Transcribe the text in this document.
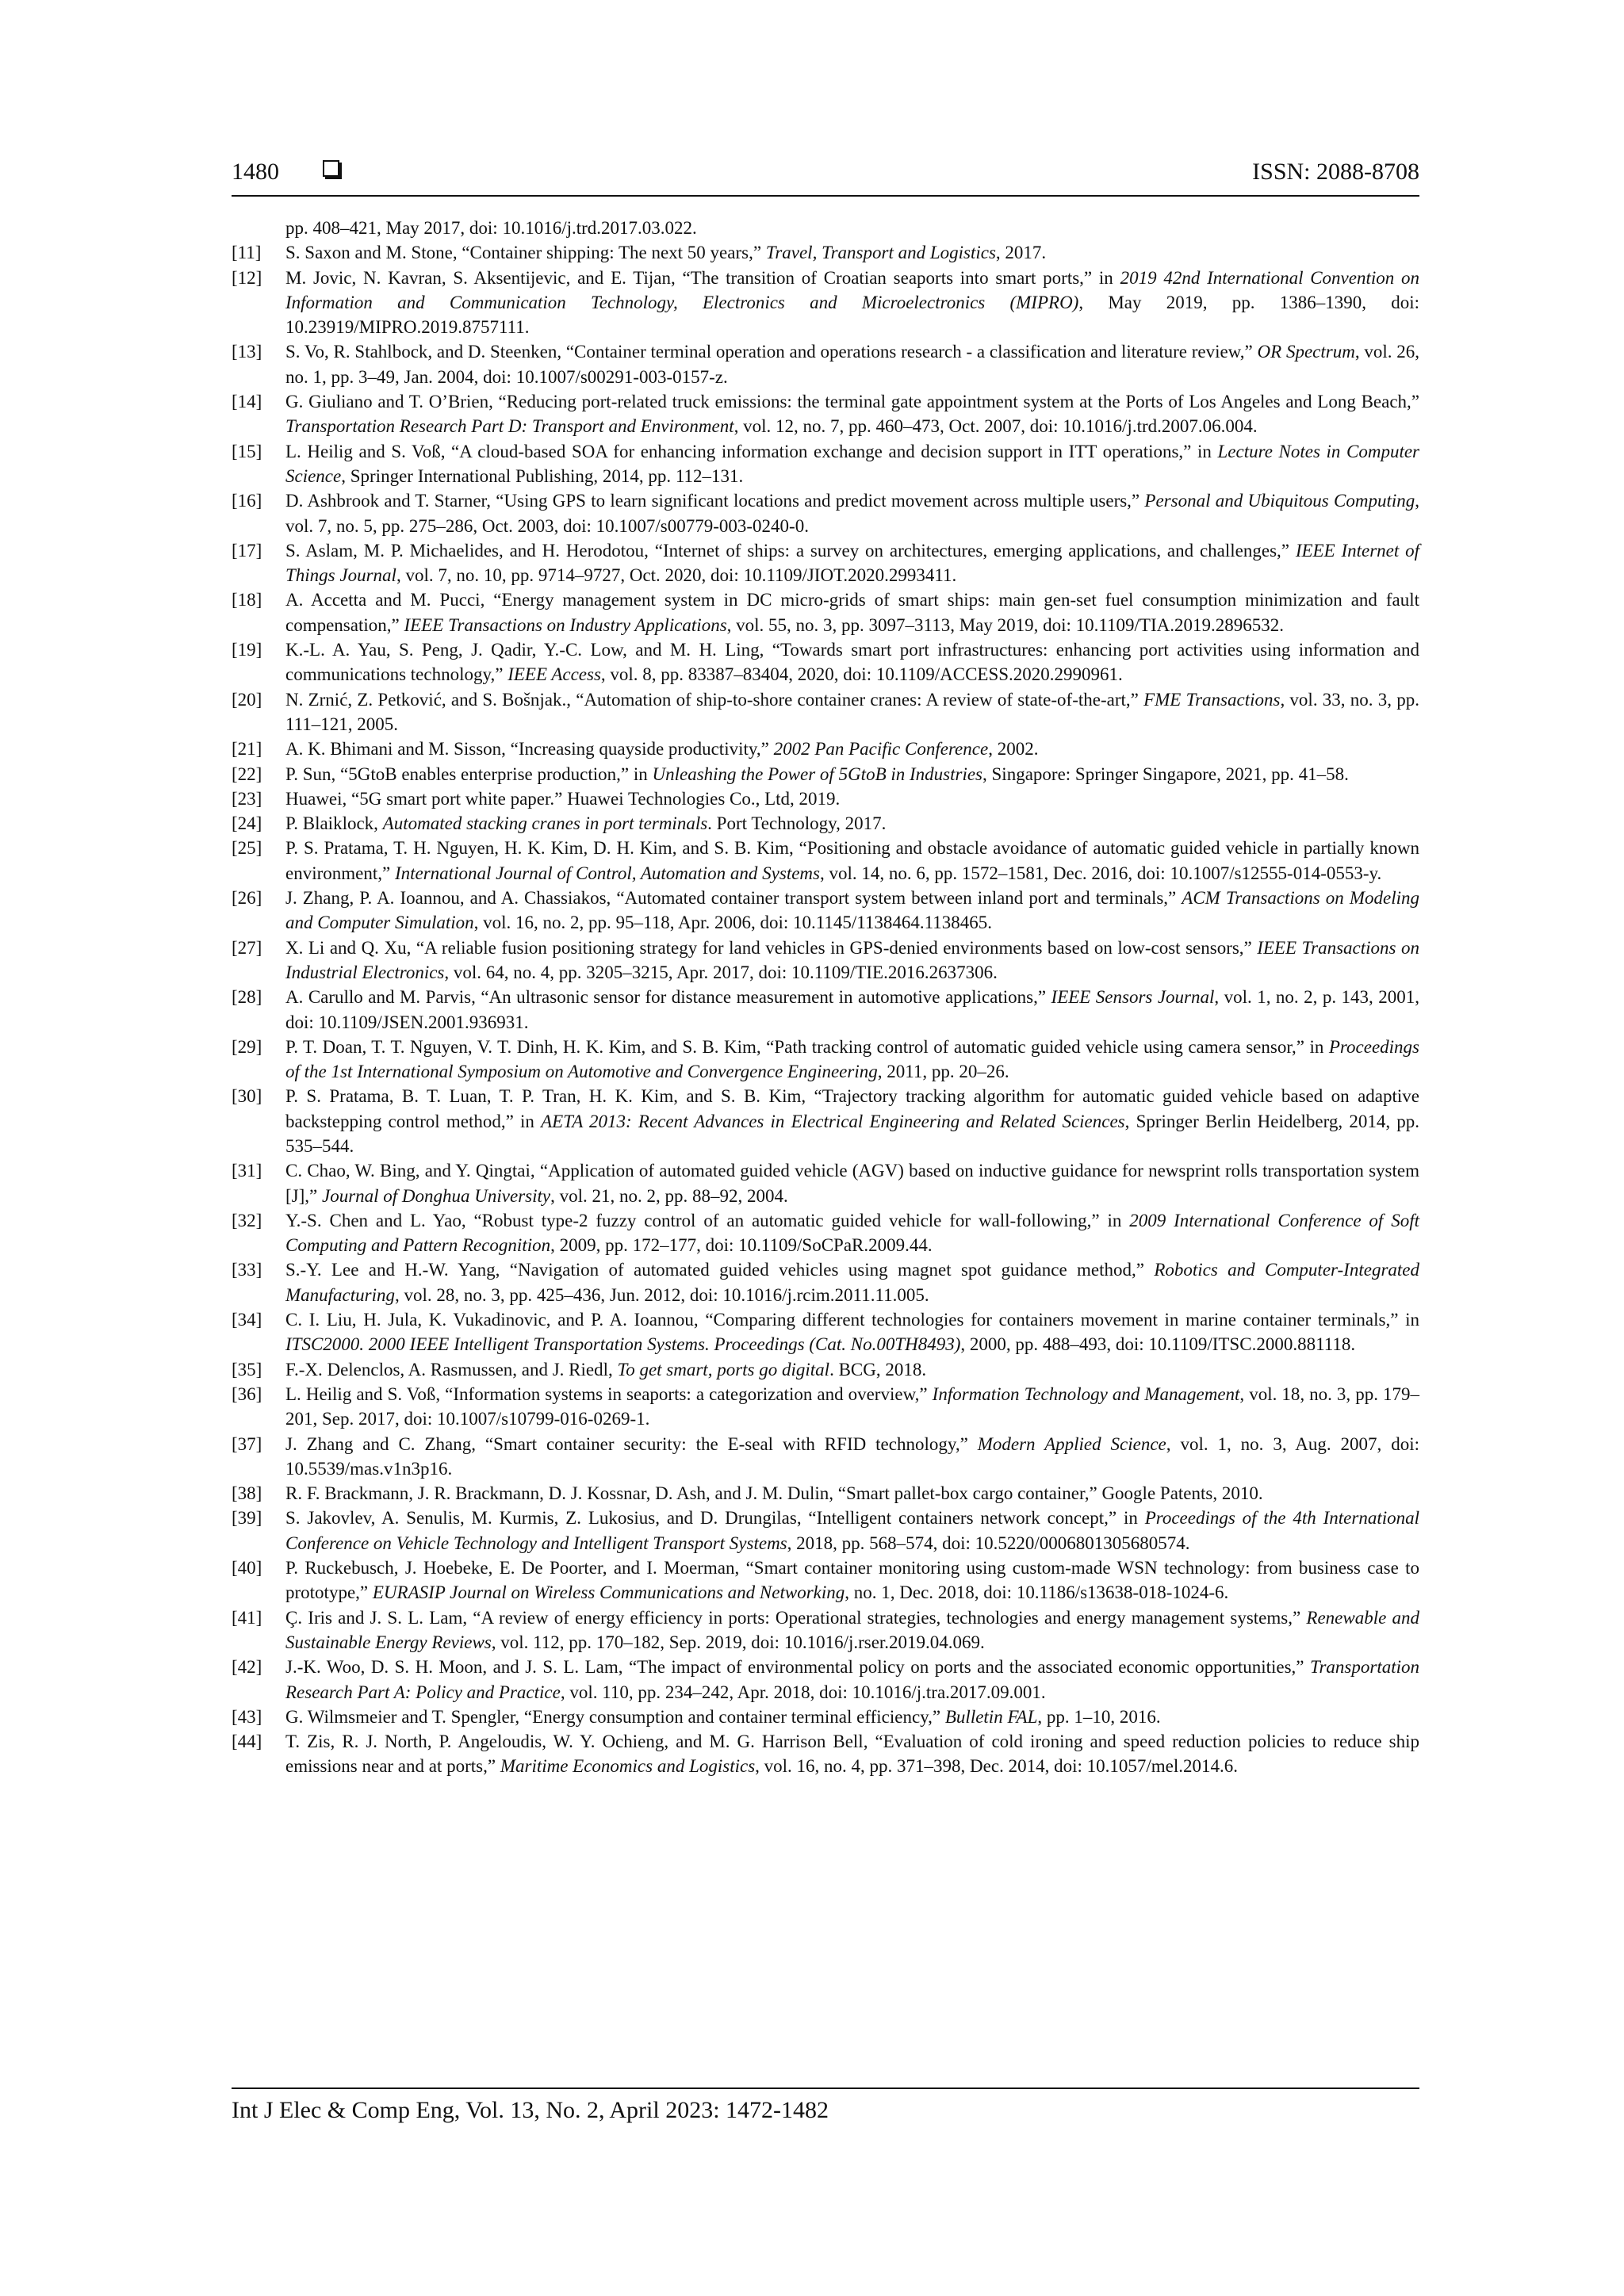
1480	ISSN: 2088-8708
pp. 408–421, May 2017, doi: 10.1016/j.trd.2017.03.022.
[11] S. Saxon and M. Stone, “Container shipping: The next 50 years,” Travel, Transport and Logistics, 2017.
[12] M. Jovic, N. Kavran, S. Aksentijevic, and E. Tijan, “The transition of Croatian seaports into smart ports,” in 2019 42nd International Convention on Information and Communication Technology, Electronics and Microelectronics (MIPRO), May 2019, pp. 1386–1390, doi: 10.23919/MIPRO.2019.8757111.
[13] S. Vo, R. Stahlbock, and D. Steenken, “Container terminal operation and operations research - a classification and literature review,” OR Spectrum, vol. 26, no. 1, pp. 3–49, Jan. 2004, doi: 10.1007/s00291-003-0157-z.
[14] G. Giuliano and T. O’Brien, “Reducing port-related truck emissions: the terminal gate appointment system at the Ports of Los Angeles and Long Beach,” Transportation Research Part D: Transport and Environment, vol. 12, no. 7, pp. 460–473, Oct. 2007, doi: 10.1016/j.trd.2007.06.004.
[15] L. Heilig and S. Voß, “A cloud-based SOA for enhancing information exchange and decision support in ITT operations,” in Lecture Notes in Computer Science, Springer International Publishing, 2014, pp. 112–131.
[16] D. Ashbrook and T. Starner, “Using GPS to learn significant locations and predict movement across multiple users,” Personal and Ubiquitous Computing, vol. 7, no. 5, pp. 275–286, Oct. 2003, doi: 10.1007/s00779-003-0240-0.
[17] S. Aslam, M. P. Michaelides, and H. Herodotou, “Internet of ships: a survey on architectures, emerging applications, and challenges,” IEEE Internet of Things Journal, vol. 7, no. 10, pp. 9714–9727, Oct. 2020, doi: 10.1109/JIOT.2020.2993411.
[18] A. Accetta and M. Pucci, “Energy management system in DC micro-grids of smart ships: main gen-set fuel consumption minimization and fault compensation,” IEEE Transactions on Industry Applications, vol. 55, no. 3, pp. 3097–3113, May 2019, doi: 10.1109/TIA.2019.2896532.
[19] K.-L. A. Yau, S. Peng, J. Qadir, Y.-C. Low, and M. H. Ling, “Towards smart port infrastructures: enhancing port activities using information and communications technology,” IEEE Access, vol. 8, pp. 83387–83404, 2020, doi: 10.1109/ACCESS.2020.2990961.
[20] N. Zrnić, Z. Petković, and S. Bošnjak., “Automation of ship-to-shore container cranes: A review of state-of-the-art,” FME Transactions, vol. 33, no. 3, pp. 111–121, 2005.
[21] A. K. Bhimani and M. Sisson, “Increasing quayside productivity,” 2002 Pan Pacific Conference, 2002.
[22] P. Sun, “5GtoB enables enterprise production,” in Unleashing the Power of 5GtoB in Industries, Singapore: Springer Singapore, 2021, pp. 41–58.
[23] Huawei, “5G smart port white paper.” Huawei Technologies Co., Ltd, 2019.
[24] P. Blaiklock, Automated stacking cranes in port terminals. Port Technology, 2017.
[25] P. S. Pratama, T. H. Nguyen, H. K. Kim, D. H. Kim, and S. B. Kim, “Positioning and obstacle avoidance of automatic guided vehicle in partially known environment,” International Journal of Control, Automation and Systems, vol. 14, no. 6, pp. 1572–1581, Dec. 2016, doi: 10.1007/s12555-014-0553-y.
[26] J. Zhang, P. A. Ioannou, and A. Chassiakos, “Automated container transport system between inland port and terminals,” ACM Transactions on Modeling and Computer Simulation, vol. 16, no. 2, pp. 95–118, Apr. 2006, doi: 10.1145/1138464.1138465.
[27] X. Li and Q. Xu, “A reliable fusion positioning strategy for land vehicles in GPS-denied environments based on low-cost sensors,” IEEE Transactions on Industrial Electronics, vol. 64, no. 4, pp. 3205–3215, Apr. 2017, doi: 10.1109/TIE.2016.2637306.
[28] A. Carullo and M. Parvis, “An ultrasonic sensor for distance measurement in automotive applications,” IEEE Sensors Journal, vol. 1, no. 2, p. 143, 2001, doi: 10.1109/JSEN.2001.936931.
[29] P. T. Doan, T. T. Nguyen, V. T. Dinh, H. K. Kim, and S. B. Kim, “Path tracking control of automatic guided vehicle using camera sensor,” in Proceedings of the 1st International Symposium on Automotive and Convergence Engineering, 2011, pp. 20–26.
[30] P. S. Pratama, B. T. Luan, T. P. Tran, H. K. Kim, and S. B. Kim, “Trajectory tracking algorithm for automatic guided vehicle based on adaptive backstepping control method,” in AETA 2013: Recent Advances in Electrical Engineering and Related Sciences, Springer Berlin Heidelberg, 2014, pp. 535–544.
[31] C. Chao, W. Bing, and Y. Qingtai, “Application of automated guided vehicle (AGV) based on inductive guidance for newsprint rolls transportation system [J],” Journal of Donghua University, vol. 21, no. 2, pp. 88–92, 2004.
[32] Y.-S. Chen and L. Yao, “Robust type-2 fuzzy control of an automatic guided vehicle for wall-following,” in 2009 International Conference of Soft Computing and Pattern Recognition, 2009, pp. 172–177, doi: 10.1109/SoCPaR.2009.44.
[33] S.-Y. Lee and H.-W. Yang, “Navigation of automated guided vehicles using magnet spot guidance method,” Robotics and Computer-Integrated Manufacturing, vol. 28, no. 3, pp. 425–436, Jun. 2012, doi: 10.1016/j.rcim.2011.11.005.
[34] C. I. Liu, H. Jula, K. Vukadinovic, and P. A. Ioannou, “Comparing different technologies for containers movement in marine container terminals,” in ITSC2000. 2000 IEEE Intelligent Transportation Systems. Proceedings (Cat. No.00TH8493), 2000, pp. 488–493, doi: 10.1109/ITSC.2000.881118.
[35] F.-X. Delenclos, A. Rasmussen, and J. Riedl, To get smart, ports go digital. BCG, 2018.
[36] L. Heilig and S. Voß, “Information systems in seaports: a categorization and overview,” Information Technology and Management, vol. 18, no. 3, pp. 179–201, Sep. 2017, doi: 10.1007/s10799-016-0269-1.
[37] J. Zhang and C. Zhang, “Smart container security: the E-seal with RFID technology,” Modern Applied Science, vol. 1, no. 3, Aug. 2007, doi: 10.5539/mas.v1n3p16.
[38] R. F. Brackmann, J. R. Brackmann, D. J. Kossnar, D. Ash, and J. M. Dulin, “Smart pallet-box cargo container,” Google Patents, 2010.
[39] S. Jakovlev, A. Senulis, M. Kurmis, Z. Lukosius, and D. Drungilas, “Intelligent containers network concept,” in Proceedings of the 4th International Conference on Vehicle Technology and Intelligent Transport Systems, 2018, pp. 568–574, doi: 10.5220/0006801305680574.
[40] P. Ruckebusch, J. Hoebeke, E. De Poorter, and I. Moerman, “Smart container monitoring using custom-made WSN technology: from business case to prototype,” EURASIP Journal on Wireless Communications and Networking, no. 1, Dec. 2018, doi: 10.1186/s13638-018-1024-6.
[41] Ç. Iris and J. S. L. Lam, “A review of energy efficiency in ports: Operational strategies, technologies and energy management systems,” Renewable and Sustainable Energy Reviews, vol. 112, pp. 170–182, Sep. 2019, doi: 10.1016/j.rser.2019.04.069.
[42] J.-K. Woo, D. S. H. Moon, and J. S. L. Lam, “The impact of environmental policy on ports and the associated economic opportunities,” Transportation Research Part A: Policy and Practice, vol. 110, pp. 234–242, Apr. 2018, doi: 10.1016/j.tra.2017.09.001.
[43] G. Wilmsmeier and T. Spengler, “Energy consumption and container terminal efficiency,” Bulletin FAL, pp. 1–10, 2016.
[44] T. Zis, R. J. North, P. Angeloudis, W. Y. Ochieng, and M. G. Harrison Bell, “Evaluation of cold ironing and speed reduction policies to reduce ship emissions near and at ports,” Maritime Economics and Logistics, vol. 16, no. 4, pp. 371–398, Dec. 2014, doi: 10.1057/mel.2014.6.
Int J Elec & Comp Eng, Vol. 13, No. 2, April 2023: 1472-1482
